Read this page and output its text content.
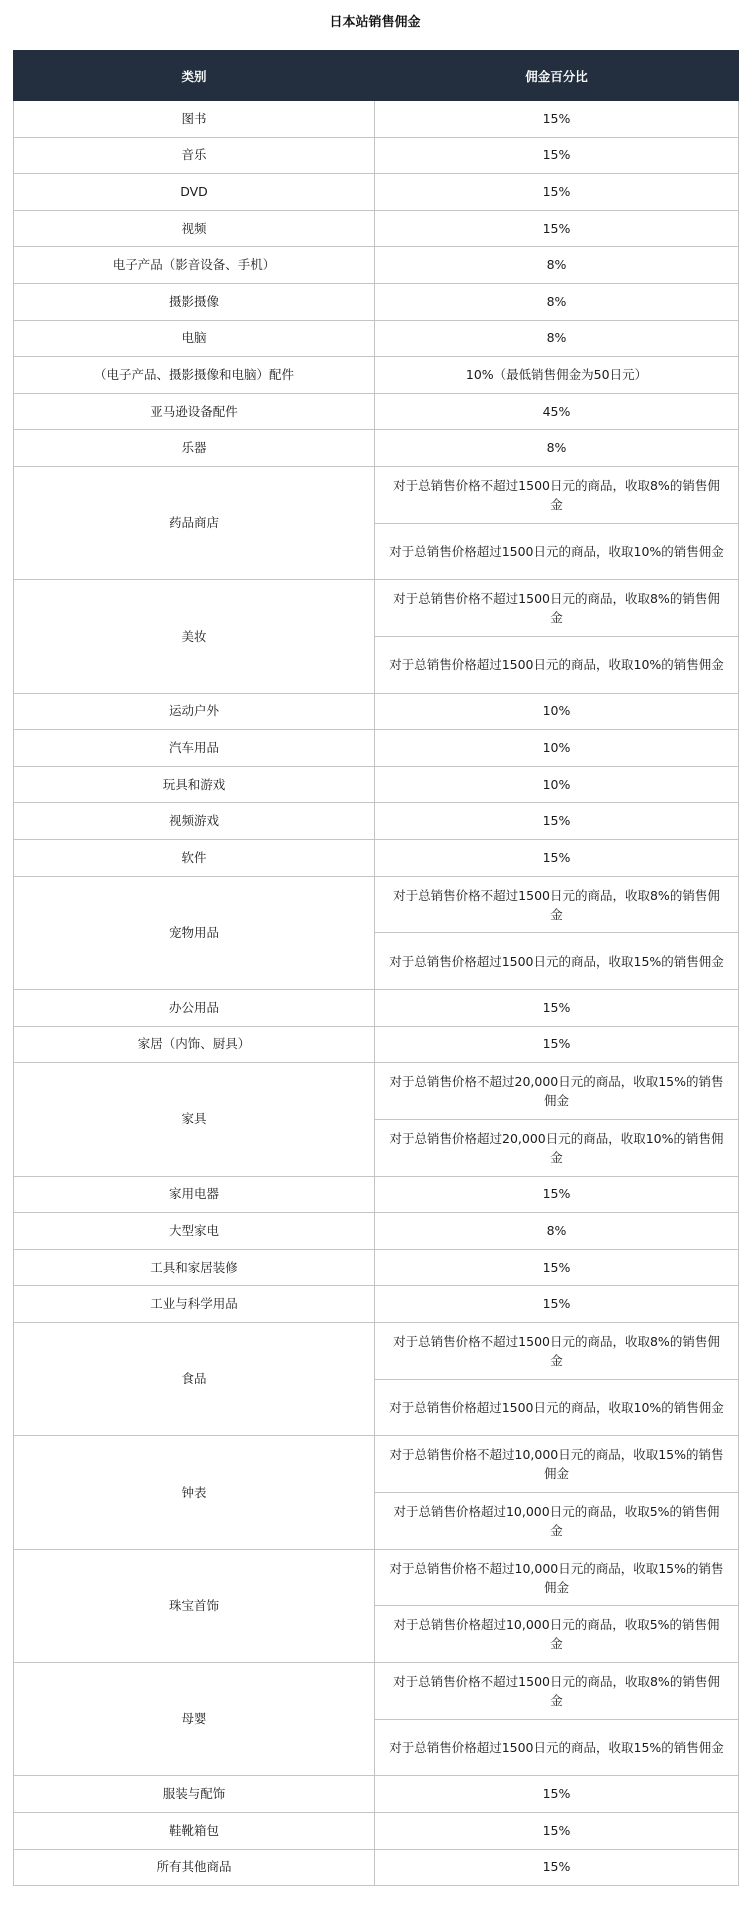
日本站销售佣金
类别	佣金百分比
图书	15%
音乐	15%
DVD	15%
视频	15%
电子产品（影音设备、手机）	8%
摄影摄像	8%
电脑	8%
（电子产品、摄影摄像和电脑）配件	10%（最低销售佣金为50日元）
亚马逊设备配件	45%
乐器	8%
药品商店	对于总销售价格不超过1500日元的商品，收取8%的销售佣金
	对于总销售价格超过1500日元的商品，收取10%的销售佣金
美妆	对于总销售价格不超过1500日元的商品，收取8%的销售佣金
	对于总销售价格超过1500日元的商品，收取10%的销售佣金
运动户外	10%
汽车用品	10%
玩具和游戏	10%
视频游戏	15%
软件	15%
宠物用品	对于总销售价格不超过1500日元的商品，收取8%的销售佣金
	对于总销售价格超过1500日元的商品，收取15%的销售佣金
办公用品	15%
家居（内饰、厨具）	15%
家具	对于总销售价格不超过20,000日元的商品，收取15%的销售佣金
	对于总销售价格超过20,000日元的商品，收取10%的销售佣金
家用电器	15%
大型家电	8%
工具和家居装修	15%
工业与科学用品	15%
食品	对于总销售价格不超过1500日元的商品，收取8%的销售佣金
	对于总销售价格超过1500日元的商品，收取10%的销售佣金
钟表	对于总销售价格不超过10,000日元的商品，收取15%的销售佣金
	对于总销售价格超过10,000日元的商品，收取5%的销售佣金
珠宝首饰	对于总销售价格不超过10,000日元的商品，收取15%的销售佣金
	对于总销售价格超过10,000日元的商品，收取5%的销售佣金
母婴	对于总销售价格不超过1500日元的商品，收取8%的销售佣金
	对于总销售价格超过1500日元的商品，收取15%的销售佣金
服装与配饰	15%
鞋靴箱包	15%
所有其他商品	15%
